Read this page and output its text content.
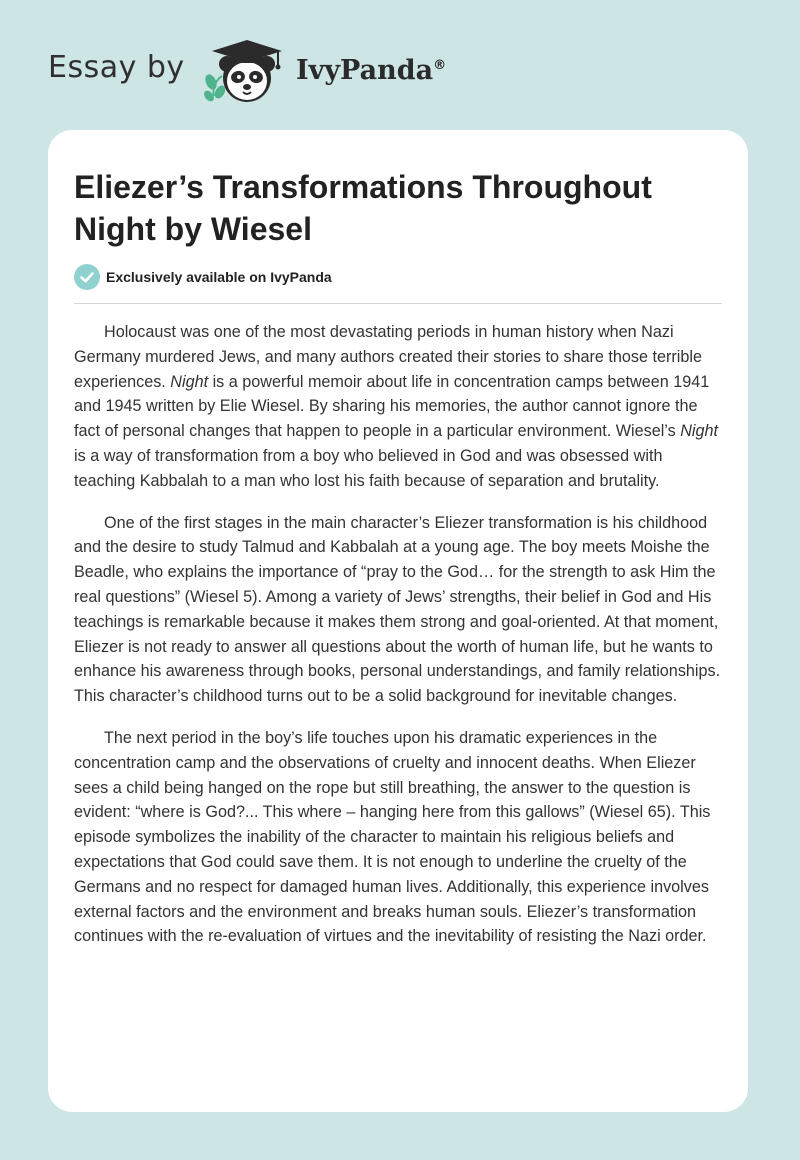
Essay by	IvyPanda®
Eliezer’s Transformations Throughout Night by Wiesel
Exclusively available on IvyPanda

Holocaust was one of the most devastating periods in human history when Nazi Germany murdered Jews, and many authors created their stories to share those terrible experiences. Night is a powerful memoir about life in concentration camps between 1941 and 1945 written by Elie Wiesel. By sharing his memories, the author cannot ignore the fact of personal changes that happen to people in a particular environment. Wiesel’s Night is a way of transformation from a boy who believed in God and was obsessed with teaching Kabbalah to a man who lost his faith because of separation and brutality.

One of the first stages in the main character’s Eliezer transformation is his childhood and the desire to study Talmud and Kabbalah at a young age. The boy meets Moishe the Beadle, who explains the importance of “pray to the God… for the strength to ask Him the real questions” (Wiesel 5). Among a variety of Jews’ strengths, their belief in God and His teachings is remarkable because it makes them strong and goal-oriented. At that moment, Eliezer is not ready to answer all questions about the worth of human life, but he wants to enhance his awareness through books, personal understandings, and family relationships. This character’s childhood turns out to be a solid background for inevitable changes.

The next period in the boy’s life touches upon his dramatic experiences in the concentration camp and the observations of cruelty and innocent deaths. When Eliezer sees a child being hanged on the rope but still breathing, the answer to the question is evident: “where is God?... This where – hanging here from this gallows” (Wiesel 65). This episode symbolizes the inability of the character to maintain his religious beliefs and expectations that God could save them. It is not enough to underline the cruelty of the Germans and no respect for damaged human lives. Additionally, this experience involves external factors and the environment and breaks human souls. Eliezer’s transformation continues with the re-evaluation of virtues and the inevitability of resisting the Nazi order.
